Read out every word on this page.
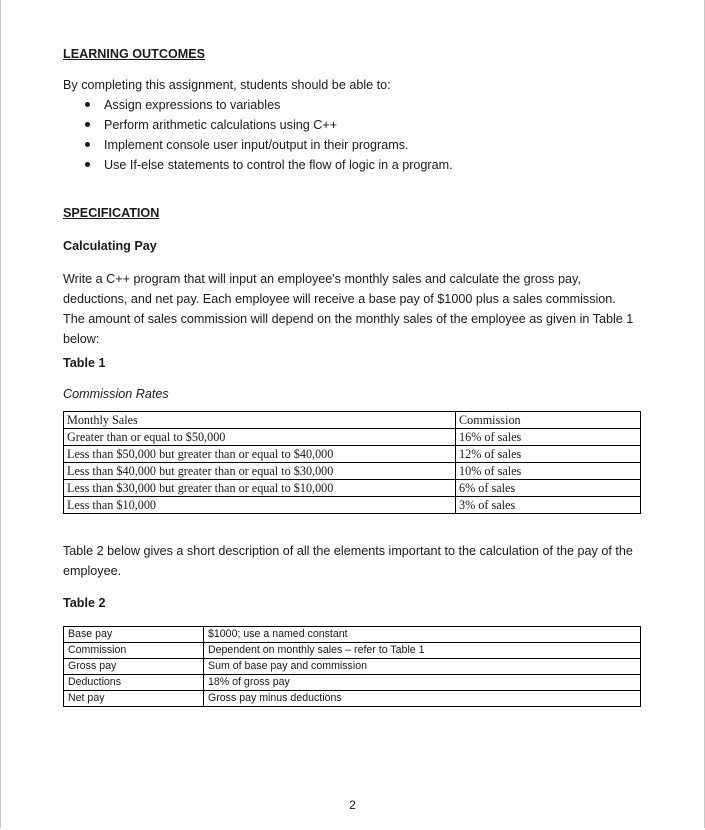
LEARNING OUTCOMES

By completing this assignment, students should be able to:

Assign expressions to variables
Perform arithmetic calculations using C++
Implement console user input/output in their programs.
Use If-else statements to control the flow of logic in a program.

SPECIFICATION

Calculating Pay

Write a C++ program that will input an employee's monthly sales and calculate the gross pay, deductions, and net pay. Each employee will receive a base pay of $1000 plus a sales commission. The amount of sales commission will depend on the monthly sales of the employee as given in Table 1 below:

Table 1

Commission Rates

Monthly Sales	Commission
Greater than or equal to $50,000	16% of sales
Less than $50,000 but greater than or equal to $40,000	12% of sales
Less than $40,000 but greater than or equal to $30,000	10% of sales
Less than $30,000 but greater than or equal to $10,000	6% of sales
Less than $10,000	3% of sales

Table 2 below gives a short description of all the elements important to the calculation of the pay of the employee.

Table 2

Base pay	$1000; use a named constant
Commission	Dependent on monthly sales – refer to Table 1
Gross pay	Sum of base pay and commission
Deductions	18% of gross pay
Net pay	Gross pay minus deductions
2
